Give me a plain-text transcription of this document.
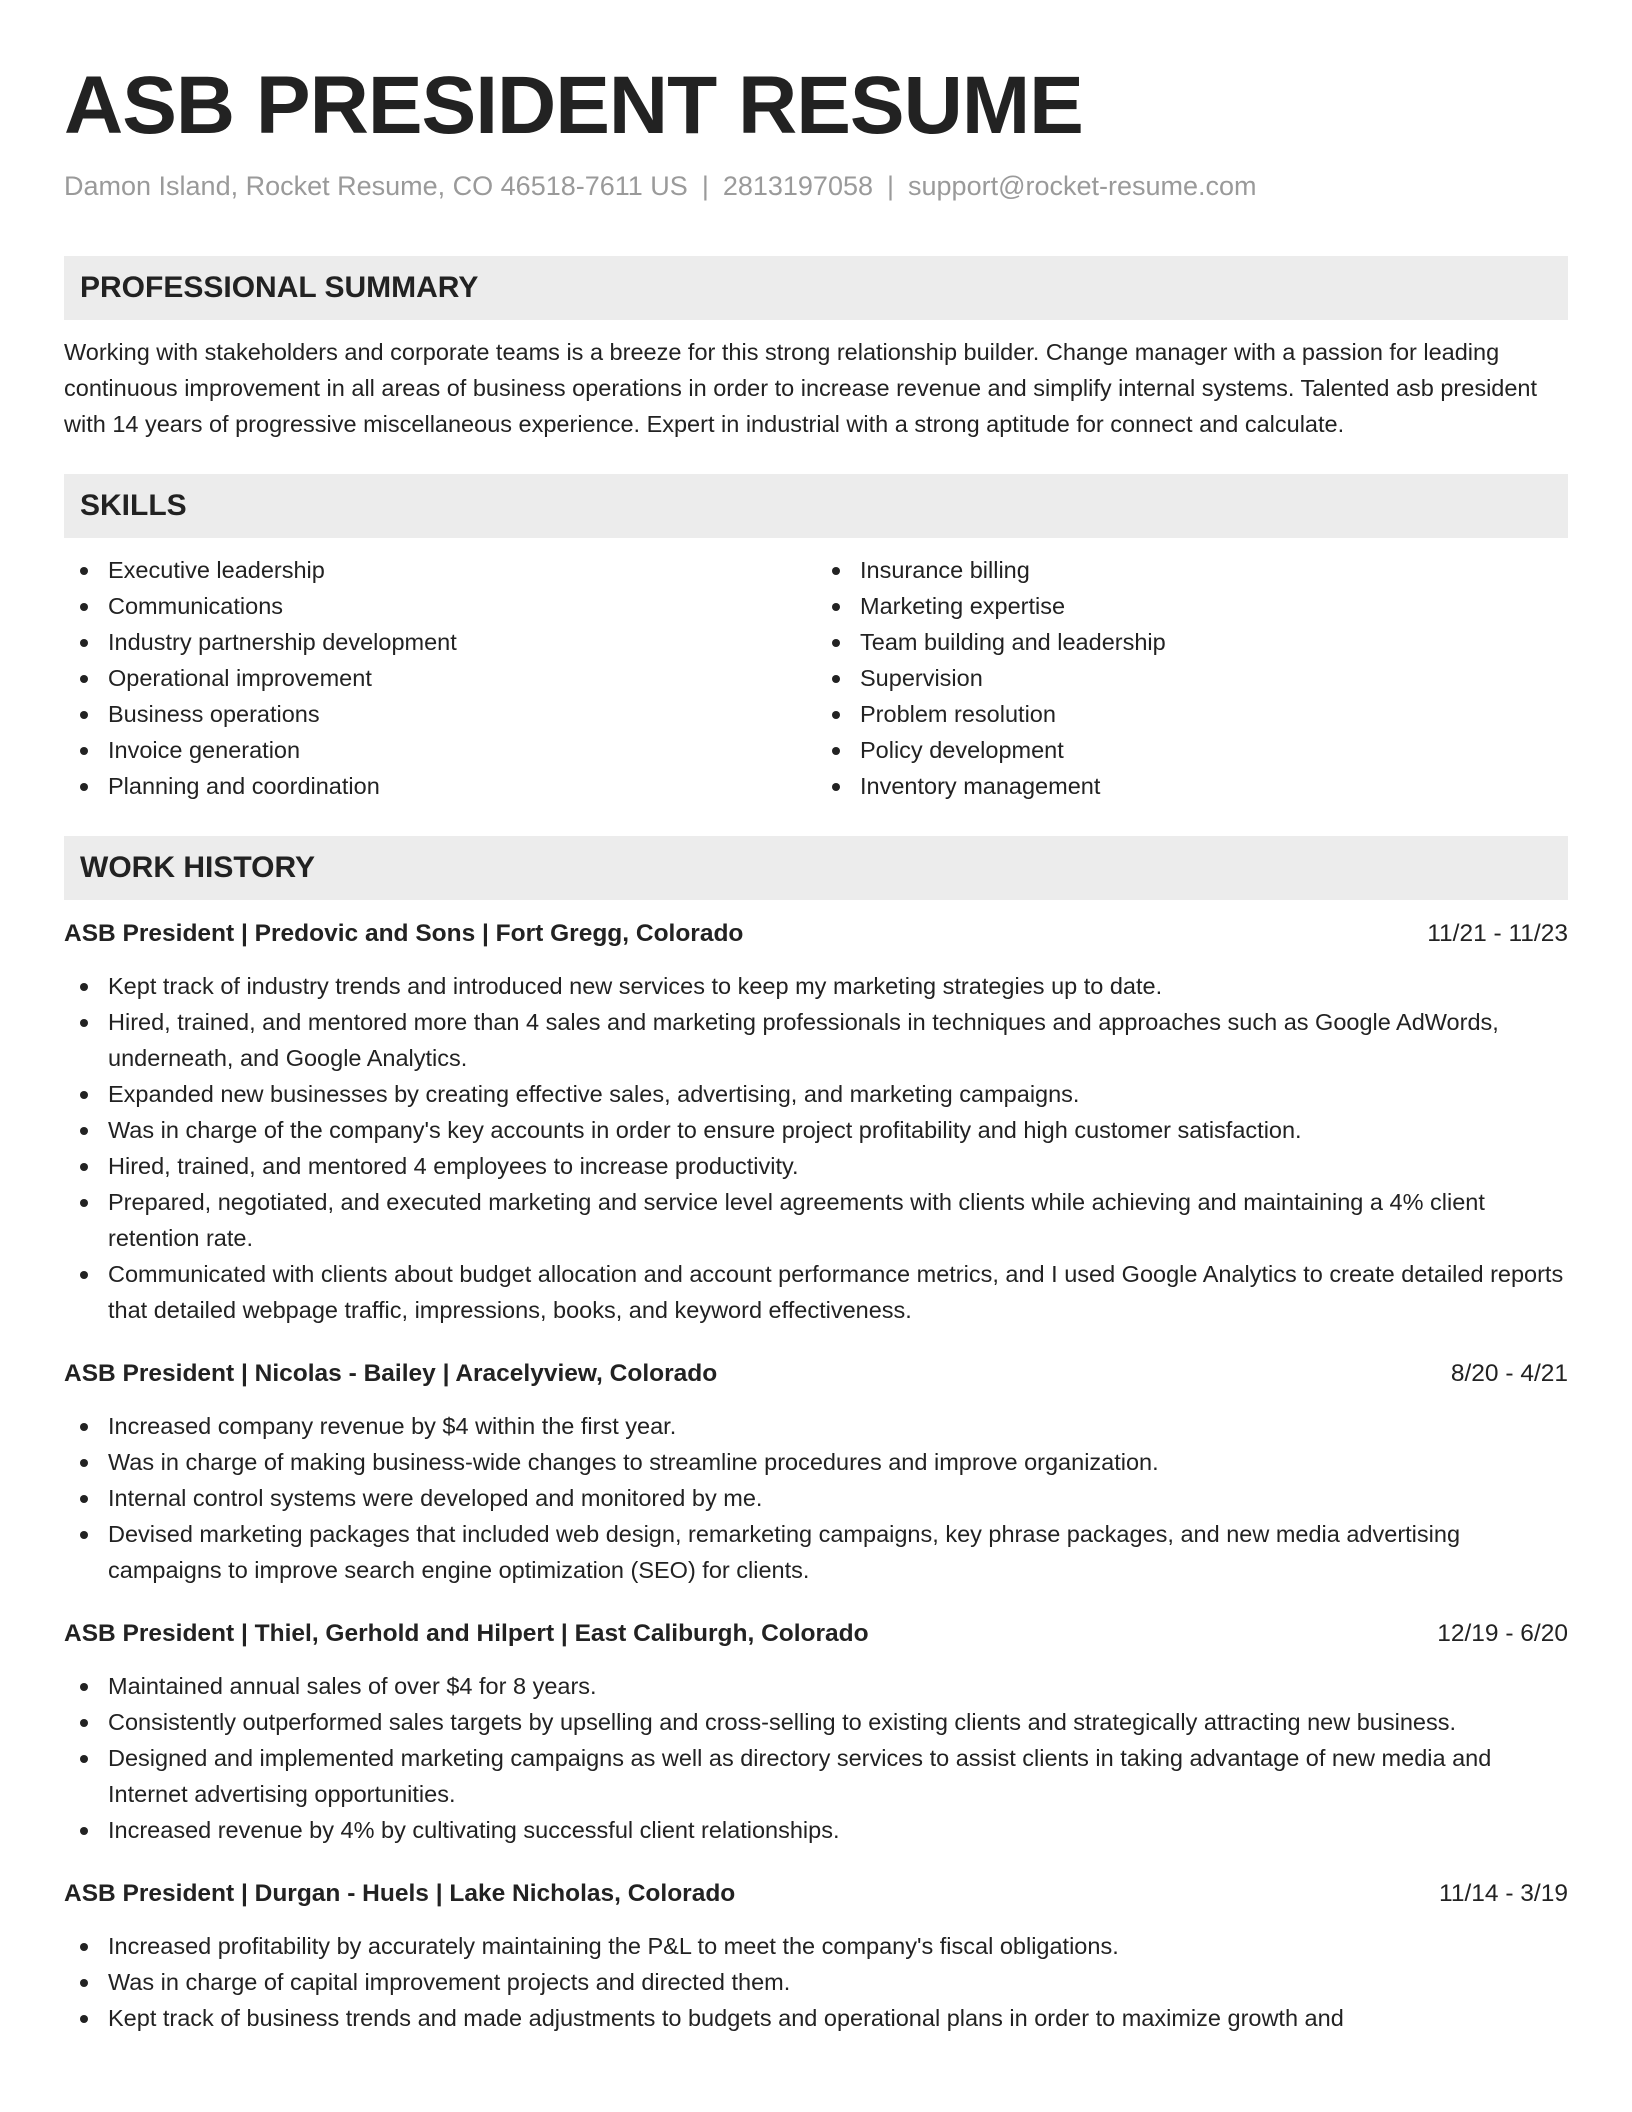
ASB PRESIDENT RESUME
Damon Island, Rocket Resume, CO 46518-7611 US | 2813197058 | support@rocket-resume.com
PROFESSIONAL SUMMARY

Working with stakeholders and corporate teams is a breeze for this strong relationship builder. Change manager with a passion for leading continuous improvement in all areas of business operations in order to increase revenue and simplify internal systems. Talented asb president with 14 years of progressive miscellaneous experience. Expert in industrial with a strong aptitude for connect and calculate.

SKILLS
Executive leadership
Communications
Industry partnership development
Operational improvement
Business operations
Invoice generation
Planning and coordination
Insurance billing
Marketing expertise
Team building and leadership
Supervision
Problem resolution
Policy development
Inventory management
WORK HISTORY
ASB President | Predovic and Sons | Fort Gregg, Colorado	11/21 - 11/23
Kept track of industry trends and introduced new services to keep my marketing strategies up to date.
Hired, trained, and mentored more than 4 sales and marketing professionals in techniques and approaches such as Google AdWords, underneath, and Google Analytics.
Expanded new businesses by creating effective sales, advertising, and marketing campaigns.
Was in charge of the company's key accounts in order to ensure project profitability and high customer satisfaction.
Hired, trained, and mentored 4 employees to increase productivity.
Prepared, negotiated, and executed marketing and service level agreements with clients while achieving and maintaining a 4% client retention rate.
Communicated with clients about budget allocation and account performance metrics, and I used Google Analytics to create detailed reports that detailed webpage traffic, impressions, books, and keyword effectiveness.
ASB President | Nicolas - Bailey | Aracelyview, Colorado	8/20 - 4/21
Increased company revenue by $4 within the first year.
Was in charge of making business-wide changes to streamline procedures and improve organization.
Internal control systems were developed and monitored by me.
Devised marketing packages that included web design, remarketing campaigns, key phrase packages, and new media advertising campaigns to improve search engine optimization (SEO) for clients.
ASB President | Thiel, Gerhold and Hilpert | East Caliburgh, Colorado	12/19 - 6/20
Maintained annual sales of over $4 for 8 years.
Consistently outperformed sales targets by upselling and cross-selling to existing clients and strategically attracting new business.
Designed and implemented marketing campaigns as well as directory services to assist clients in taking advantage of new media and Internet advertising opportunities.
Increased revenue by 4% by cultivating successful client relationships.
ASB President | Durgan - Huels | Lake Nicholas, Colorado	11/14 - 3/19
Increased profitability by accurately maintaining the P&L to meet the company's fiscal obligations.
Was in charge of capital improvement projects and directed them.
Kept track of business trends and made adjustments to budgets and operational plans in order to maximize growth and
